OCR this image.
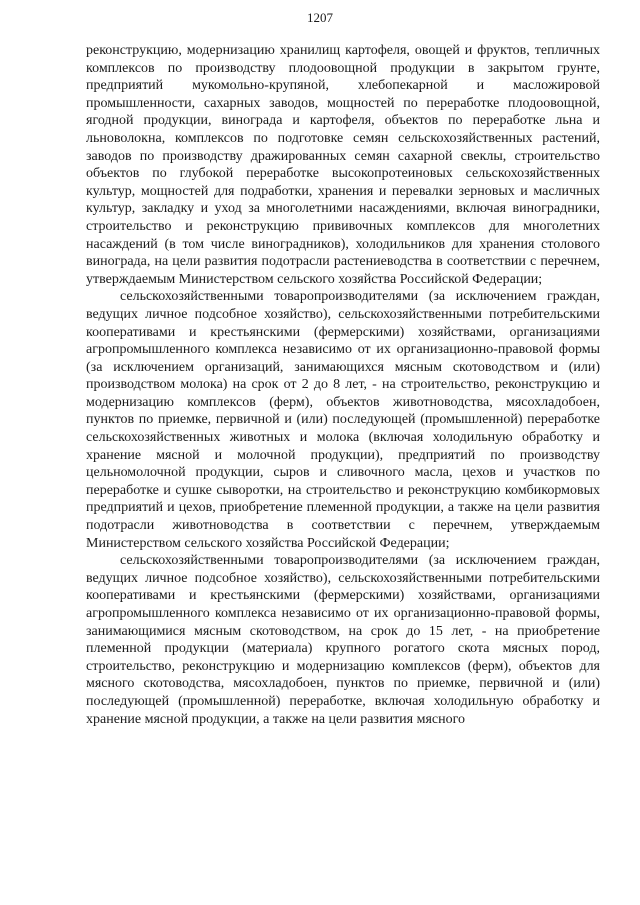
1207

реконструкцию, модернизацию хранилищ картофеля, овощей и фруктов, тепличных комплексов по производству плодоовощной продукции в закрытом грунте, предприятий мукомольно-крупяной, хлебопекарной и масложировой промышленности, сахарных заводов, мощностей по переработке плодоовощной, ягодной продукции, винограда и картофеля, объектов по переработке льна и льноволокна, комплексов по подготовке семян сельскохозяйственных растений, заводов по производству дражированных семян сахарной свеклы, строительство объектов по глубокой переработке высокопротеиновых сельскохозяйственных культур, мощностей для подработки, хранения и перевалки зерновых и масличных культур, закладку и уход за многолетними насаждениями, включая виноградники, строительство и реконструкцию прививочных комплексов для многолетних насаждений (в том числе виноградников), холодильников для хранения столового винограда, на цели развития подотрасли растениеводства в соответствии с перечнем, утверждаемым Министерством сельского хозяйства Российской Федерации;

сельскохозяйственными товаропроизводителями (за исключением граждан, ведущих личное подсобное хозяйство), сельскохозяйственными потребительскими кооперативами и крестьянскими (фермерскими) хозяйствами, организациями агропромышленного комплекса независимо от их организационно-правовой формы (за исключением организаций, занимающихся мясным скотоводством и (или) производством молока) на срок от 2 до 8 лет, - на строительство, реконструкцию и модернизацию комплексов (ферм), объектов животноводства, мясохладобоен, пунктов по приемке, первичной и (или) последующей (промышленной) переработке сельскохозяйственных животных и молока (включая холодильную обработку и хранение мясной и молочной продукции), предприятий по производству цельномолочной продукции, сыров и сливочного масла, цехов и участков по переработке и сушке сыворотки, на строительство и реконструкцию комбикормовых предприятий и цехов, приобретение племенной продукции, а также на цели развития подотрасли животноводства в соответствии с перечнем, утверждаемым Министерством сельского хозяйства Российской Федерации;

сельскохозяйственными товаропроизводителями (за исключением граждан, ведущих личное подсобное хозяйство), сельскохозяйственными потребительскими кооперативами и крестьянскими (фермерскими) хозяйствами, организациями агропромышленного комплекса независимо от их организационно-правовой формы, занимающимися мясным скотоводством, на срок до 15 лет, - на приобретение племенной продукции (материала) крупного рогатого скота мясных пород, строительство, реконструкцию и модернизацию комплексов (ферм), объектов для мясного скотоводства, мясохладобоен, пунктов по приемке, первичной и (или) последующей (промышленной) переработке, включая холодильную обработку и хранение мясной продукции, а также на цели развития мясного
